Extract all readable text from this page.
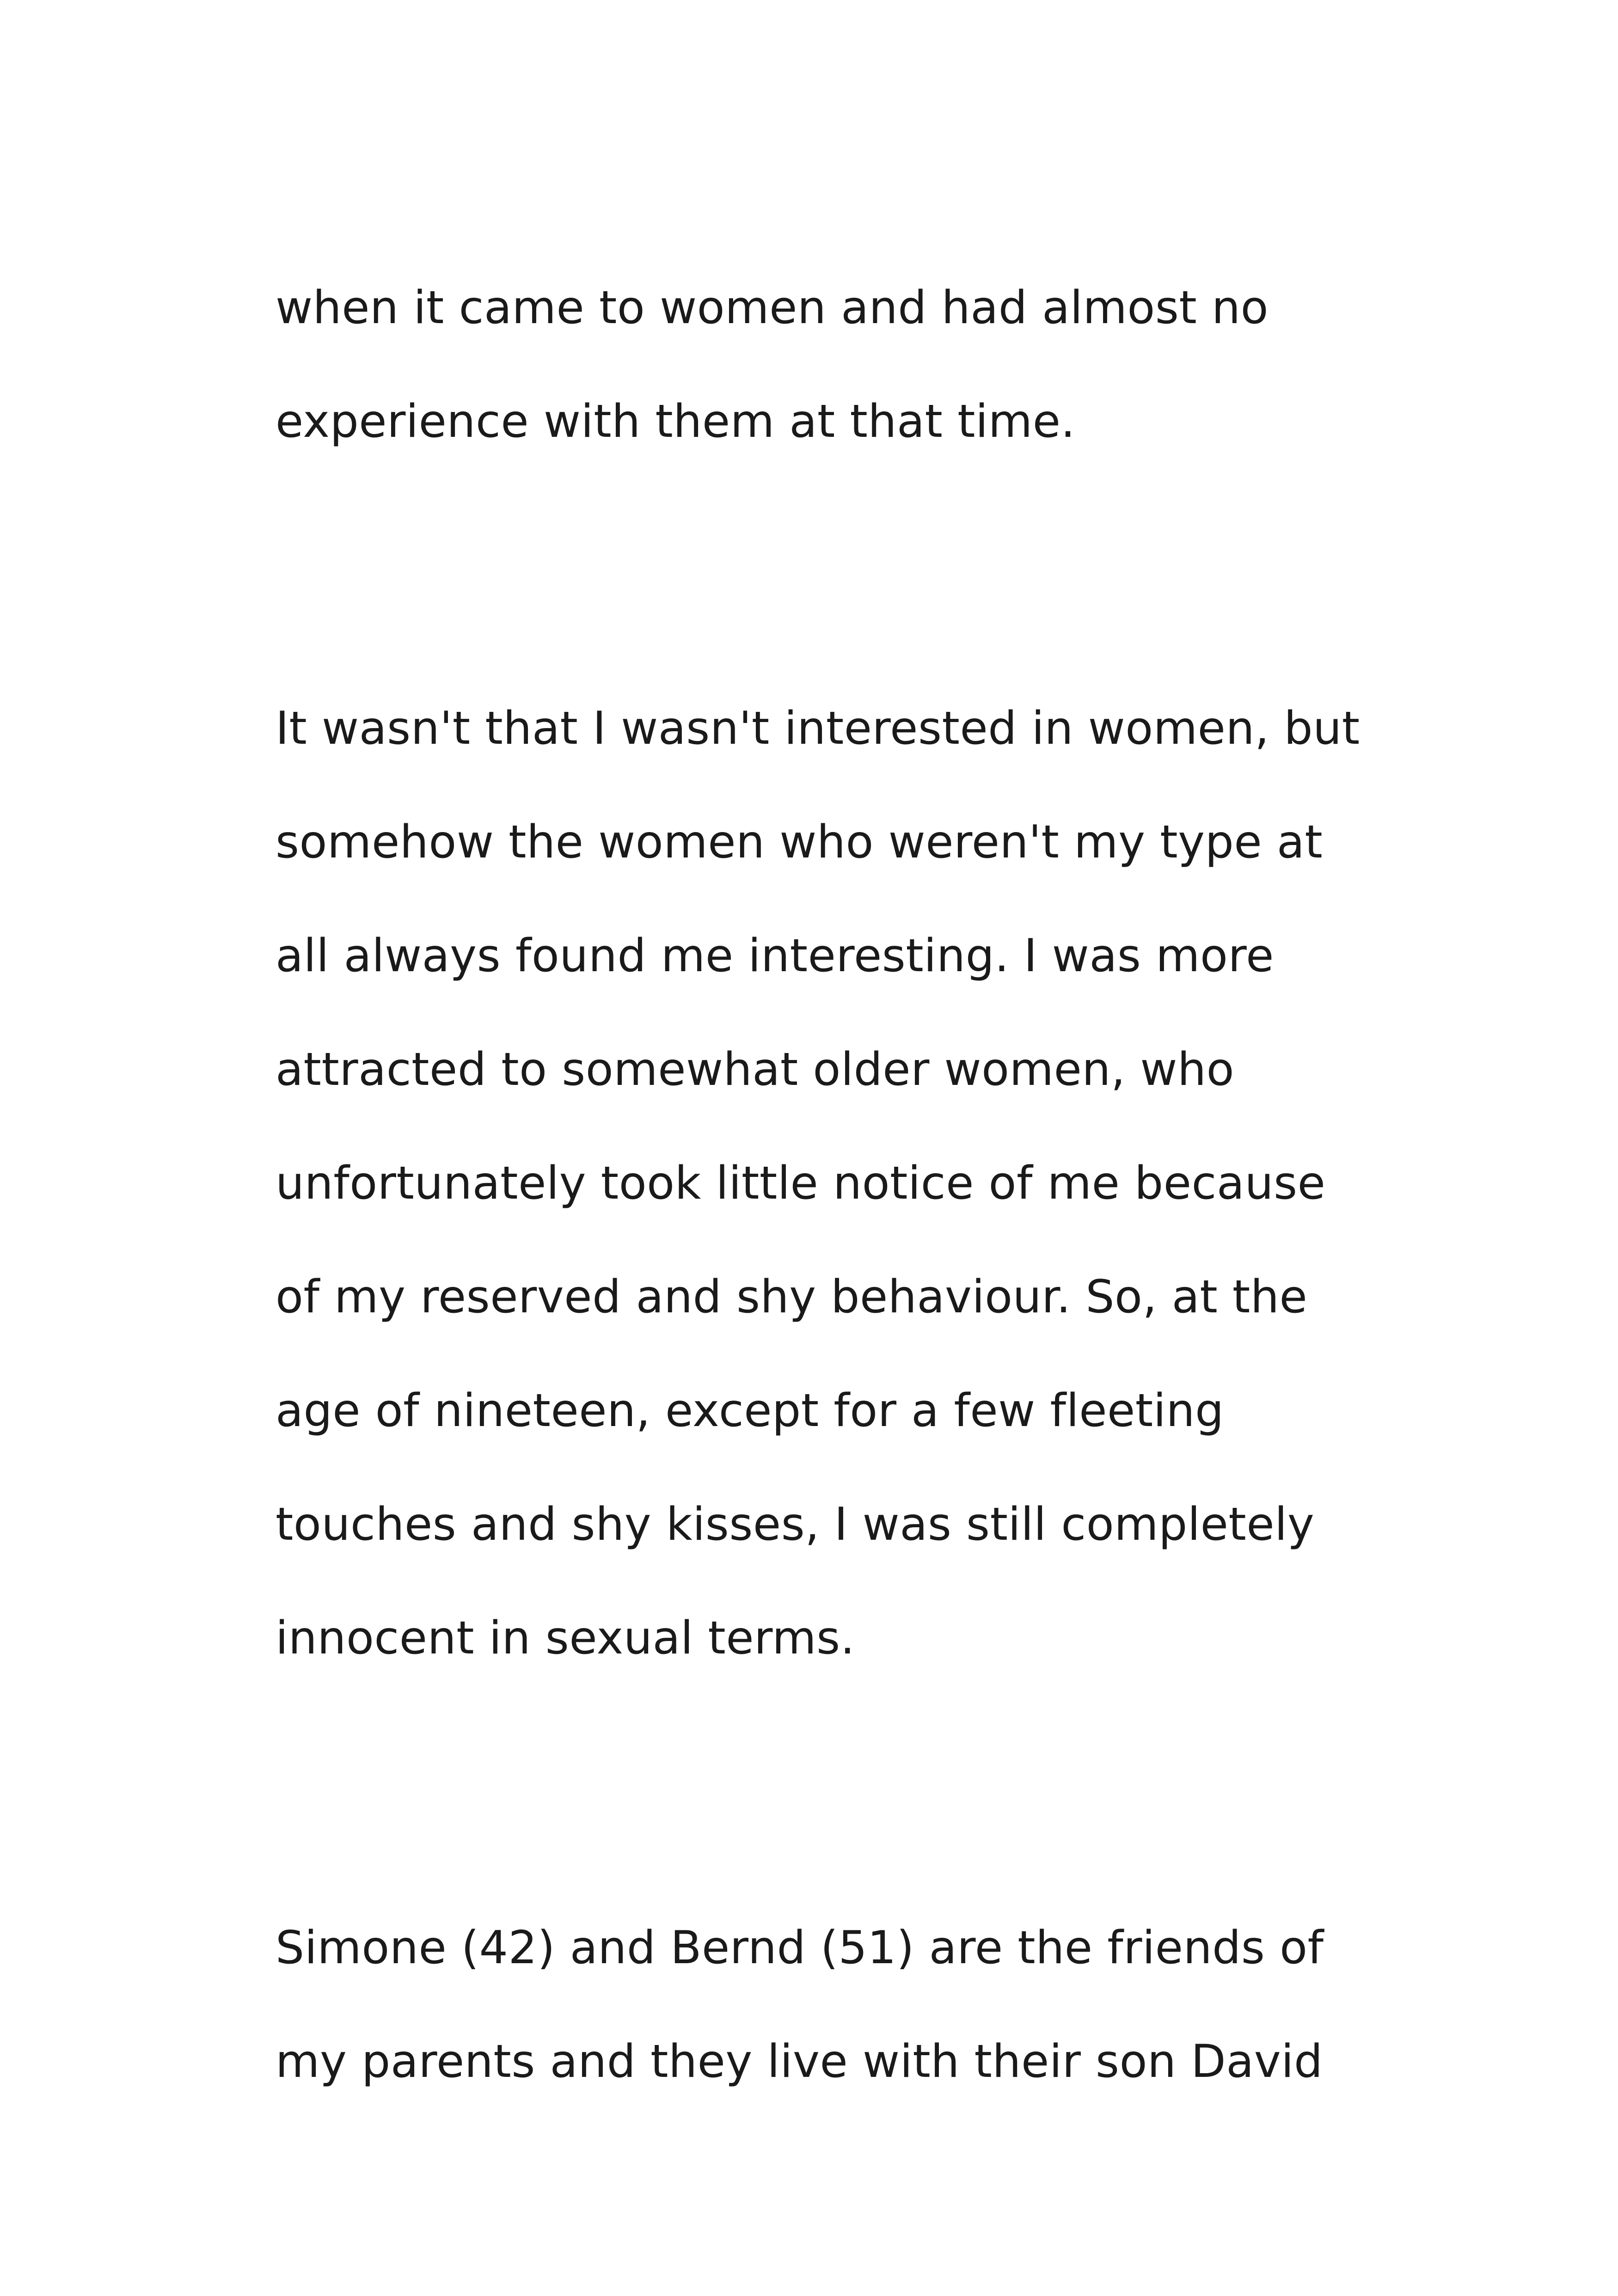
when it came to women and had almost no
experience with them at that time.
It wasn't that I wasn't interested in women, but
somehow the women who weren't my type at
all always found me interesting. I was more
attracted to somewhat older women, who
unfortunately took little notice of me because
of my reserved and shy behaviour. So, at the
age of nineteen, except for a few fleeting
touches and shy kisses, I was still completely
innocent in sexual terms.
Simone (42) and Bernd (51) are the friends of
my parents and they live with their son David
